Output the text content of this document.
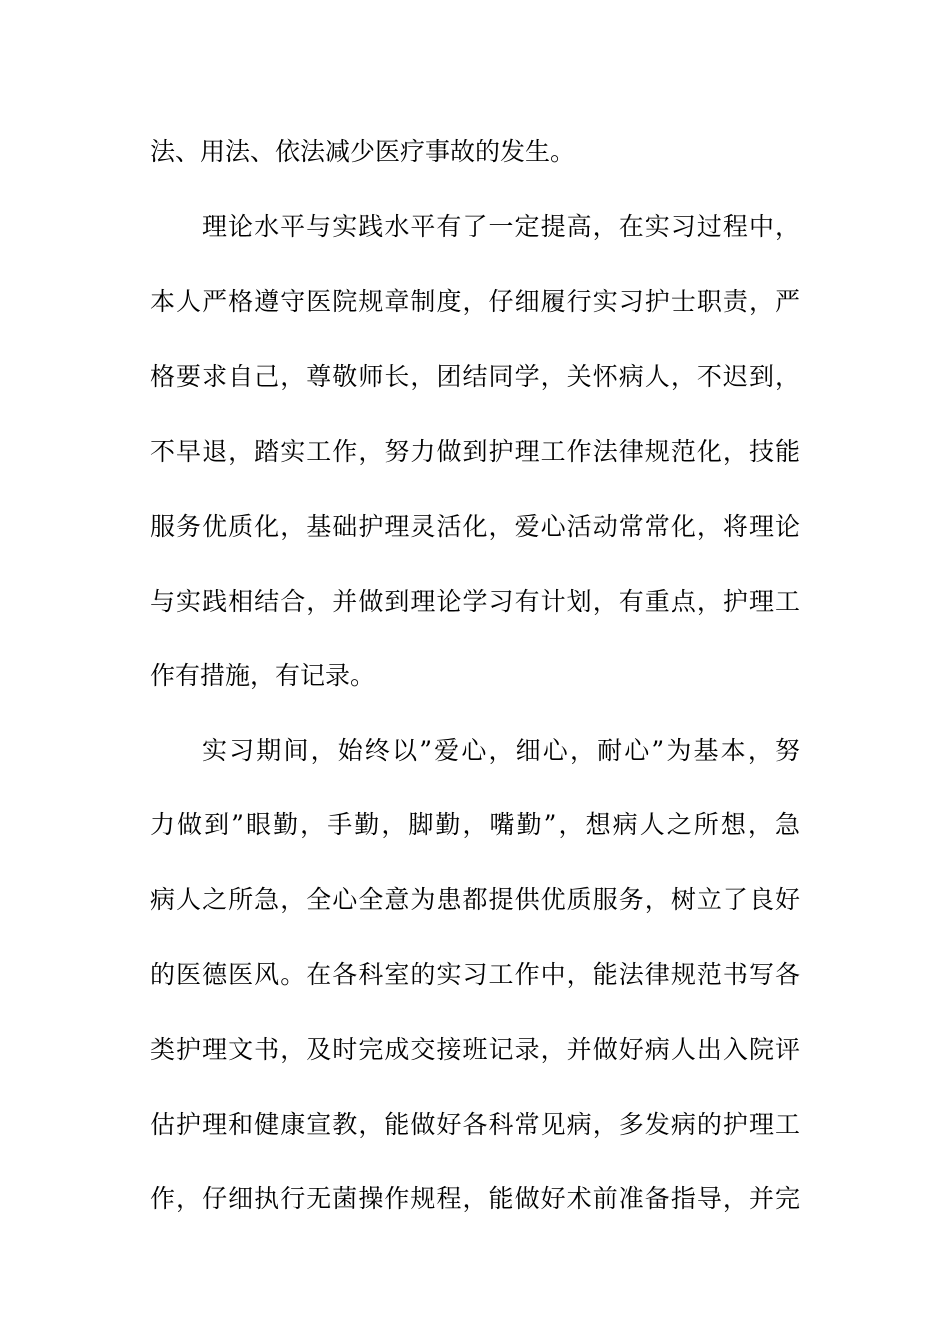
法、用法、依法减少医疗事故的发生。
理论水平与实践水平有了一定提高，在实习过程中，
本人严格遵守医院规章制度，仔细履行实习护士职责，严
格要求自己，尊敬师长，团结同学，关怀病人，不迟到，
不早退，踏实工作，努力做到护理工作法律规范化，技能
服务优质化，基础护理灵活化，爱心活动常常化，将理论
与实践相结合，并做到理论学习有计划，有重点，护理工
作有措施，有记录。
实习期间，始终以”爱心，细心，耐心”为基本，努
力做到”眼勤，手勤，脚勤，嘴勤”，想病人之所想，急
病人之所急，全心全意为患都提供优质服务，树立了良好
的医德医风。在各科室的实习工作中，能法律规范书写各
类护理文书，及时完成交接班记录，并做好病人出入院评
估护理和健康宣教，能做好各科常见病，多发病的护理工
作，仔细执行无菌操作规程，能做好术前准备指导，并完
